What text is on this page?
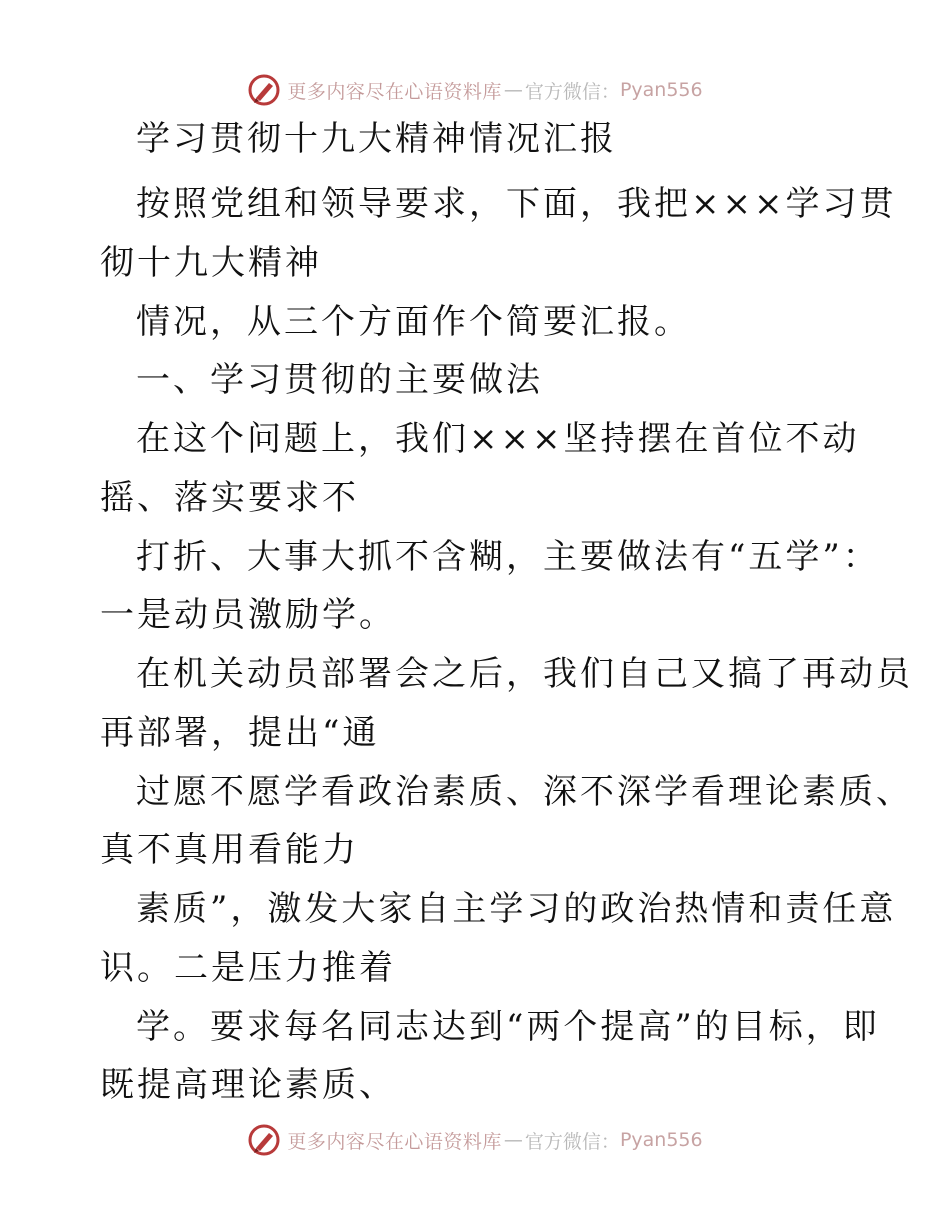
更多内容尽在心语资料库 — 官方微信： Pyan556
学习贯彻十九大精神情况汇报
按照党组和领导要求，下面，我把×××学习贯
彻十九大精神
情况，从三个方面作个简要汇报。
一、学习贯彻的主要做法
在这个问题上，我们×××坚持摆在首位不动
摇、落实要求不
打折、大事大抓不含糊，主要做法有“五学”：
一是动员激励学。
在机关动员部署会之后，我们自己又搞了再动员
再部署，提出“通
过愿不愿学看政治素质、深不深学看理论素质、
真不真用看能力
素质”，激发大家自主学习的政治热情和责任意
识。二是压力推着
学。要求每名同志达到“两个提高”的目标，即
既提高理论素质、
更多内容尽在心语资料库 — 官方微信： Pyan556
